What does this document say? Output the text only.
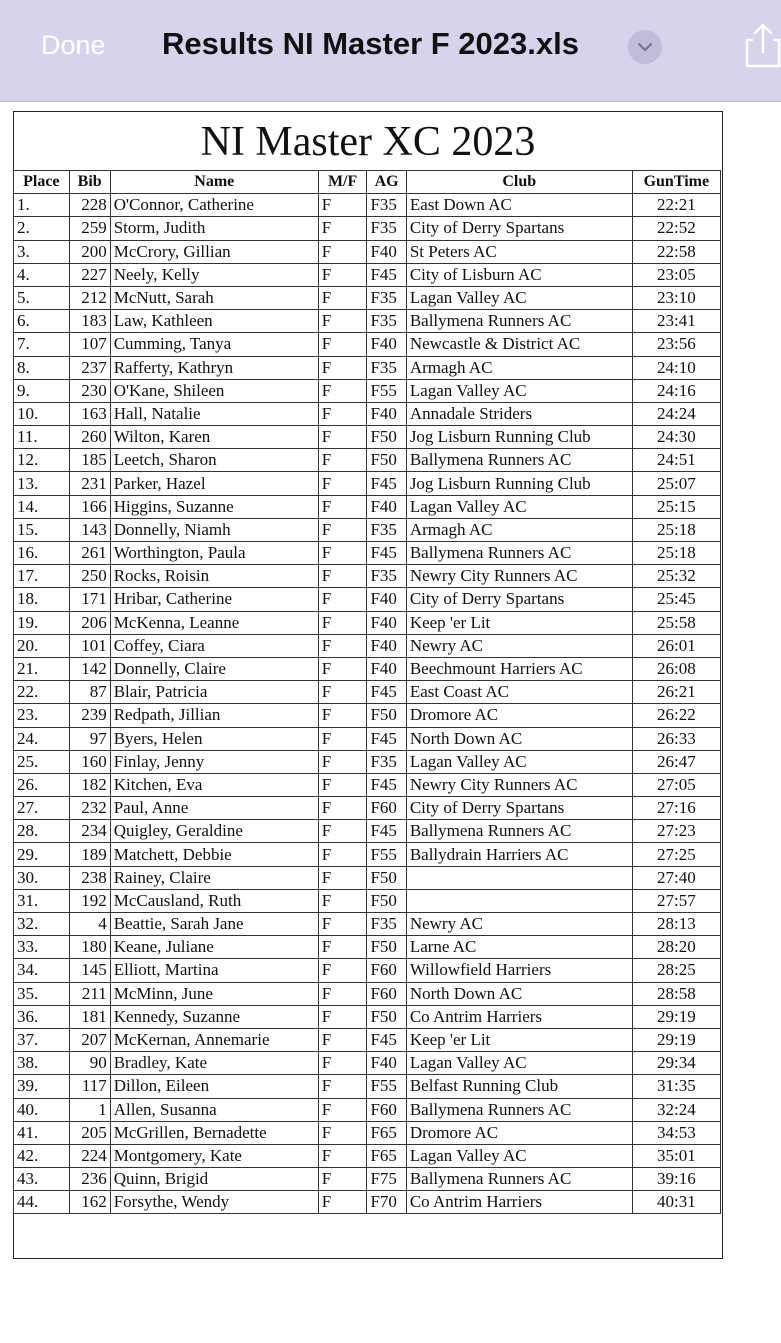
Done Results NI Master F 2023.xls
NI Master XC 2023
Place	Bib	Name	M/F	AG	Club	GunTime
1.	228	O'Connor, Catherine	F	F35	East Down AC	22:21
2.	259	Storm, Judith	F	F35	City of Derry Spartans	22:52
3.	200	McCrory, Gillian	F	F40	St Peters AC	22:58
4.	227	Neely, Kelly	F	F45	City of Lisburn AC	23:05
5.	212	McNutt, Sarah	F	F35	Lagan Valley AC	23:10
6.	183	Law, Kathleen	F	F35	Ballymena Runners AC	23:41
7.	107	Cumming, Tanya	F	F40	Newcastle & District AC	23:56
8.	237	Rafferty, Kathryn	F	F35	Armagh AC	24:10
9.	230	O'Kane, Shileen	F	F55	Lagan Valley AC	24:16
10.	163	Hall, Natalie	F	F40	Annadale Striders	24:24
11.	260	Wilton, Karen	F	F50	Jog Lisburn Running Club	24:30
12.	185	Leetch, Sharon	F	F50	Ballymena Runners AC	24:51
13.	231	Parker, Hazel	F	F45	Jog Lisburn Running Club	25:07
14.	166	Higgins, Suzanne	F	F40	Lagan Valley AC	25:15
15.	143	Donnelly, Niamh	F	F35	Armagh AC	25:18
16.	261	Worthington, Paula	F	F45	Ballymena Runners AC	25:18
17.	250	Rocks, Roisin	F	F35	Newry City Runners AC	25:32
18.	171	Hribar, Catherine	F	F40	City of Derry Spartans	25:45
19.	206	McKenna, Leanne	F	F40	Keep 'er Lit	25:58
20.	101	Coffey, Ciara	F	F40	Newry AC	26:01
21.	142	Donnelly, Claire	F	F40	Beechmount Harriers AC	26:08
22.	87	Blair, Patricia	F	F45	East Coast AC	26:21
23.	239	Redpath, Jillian	F	F50	Dromore AC	26:22
24.	97	Byers, Helen	F	F45	North Down AC	26:33
25.	160	Finlay, Jenny	F	F35	Lagan Valley AC	26:47
26.	182	Kitchen, Eva	F	F45	Newry City Runners AC	27:05
27.	232	Paul, Anne	F	F60	City of Derry Spartans	27:16
28.	234	Quigley, Geraldine	F	F45	Ballymena Runners AC	27:23
29.	189	Matchett, Debbie	F	F55	Ballydrain Harriers AC	27:25
30.	238	Rainey, Claire	F	F50		27:40
31.	192	McCausland, Ruth	F	F50		27:57
32.	4	Beattie, Sarah Jane	F	F35	Newry AC	28:13
33.	180	Keane, Juliane	F	F50	Larne AC	28:20
34.	145	Elliott, Martina	F	F60	Willowfield Harriers	28:25
35.	211	McMinn, June	F	F60	North Down AC	28:58
36.	181	Kennedy, Suzanne	F	F50	Co Antrim Harriers	29:19
37.	207	McKernan, Annemarie	F	F45	Keep 'er Lit	29:19
38.	90	Bradley, Kate	F	F40	Lagan Valley AC	29:34
39.	117	Dillon, Eileen	F	F55	Belfast Running Club	31:35
40.	1	Allen, Susanna	F	F60	Ballymena Runners AC	32:24
41.	205	McGrillen, Bernadette	F	F65	Dromore AC	34:53
42.	224	Montgomery, Kate	F	F65	Lagan Valley AC	35:01
43.	236	Quinn, Brigid	F	F75	Ballymena Runners AC	39:16
44.	162	Forsythe, Wendy	F	F70	Co Antrim Harriers	40:31
